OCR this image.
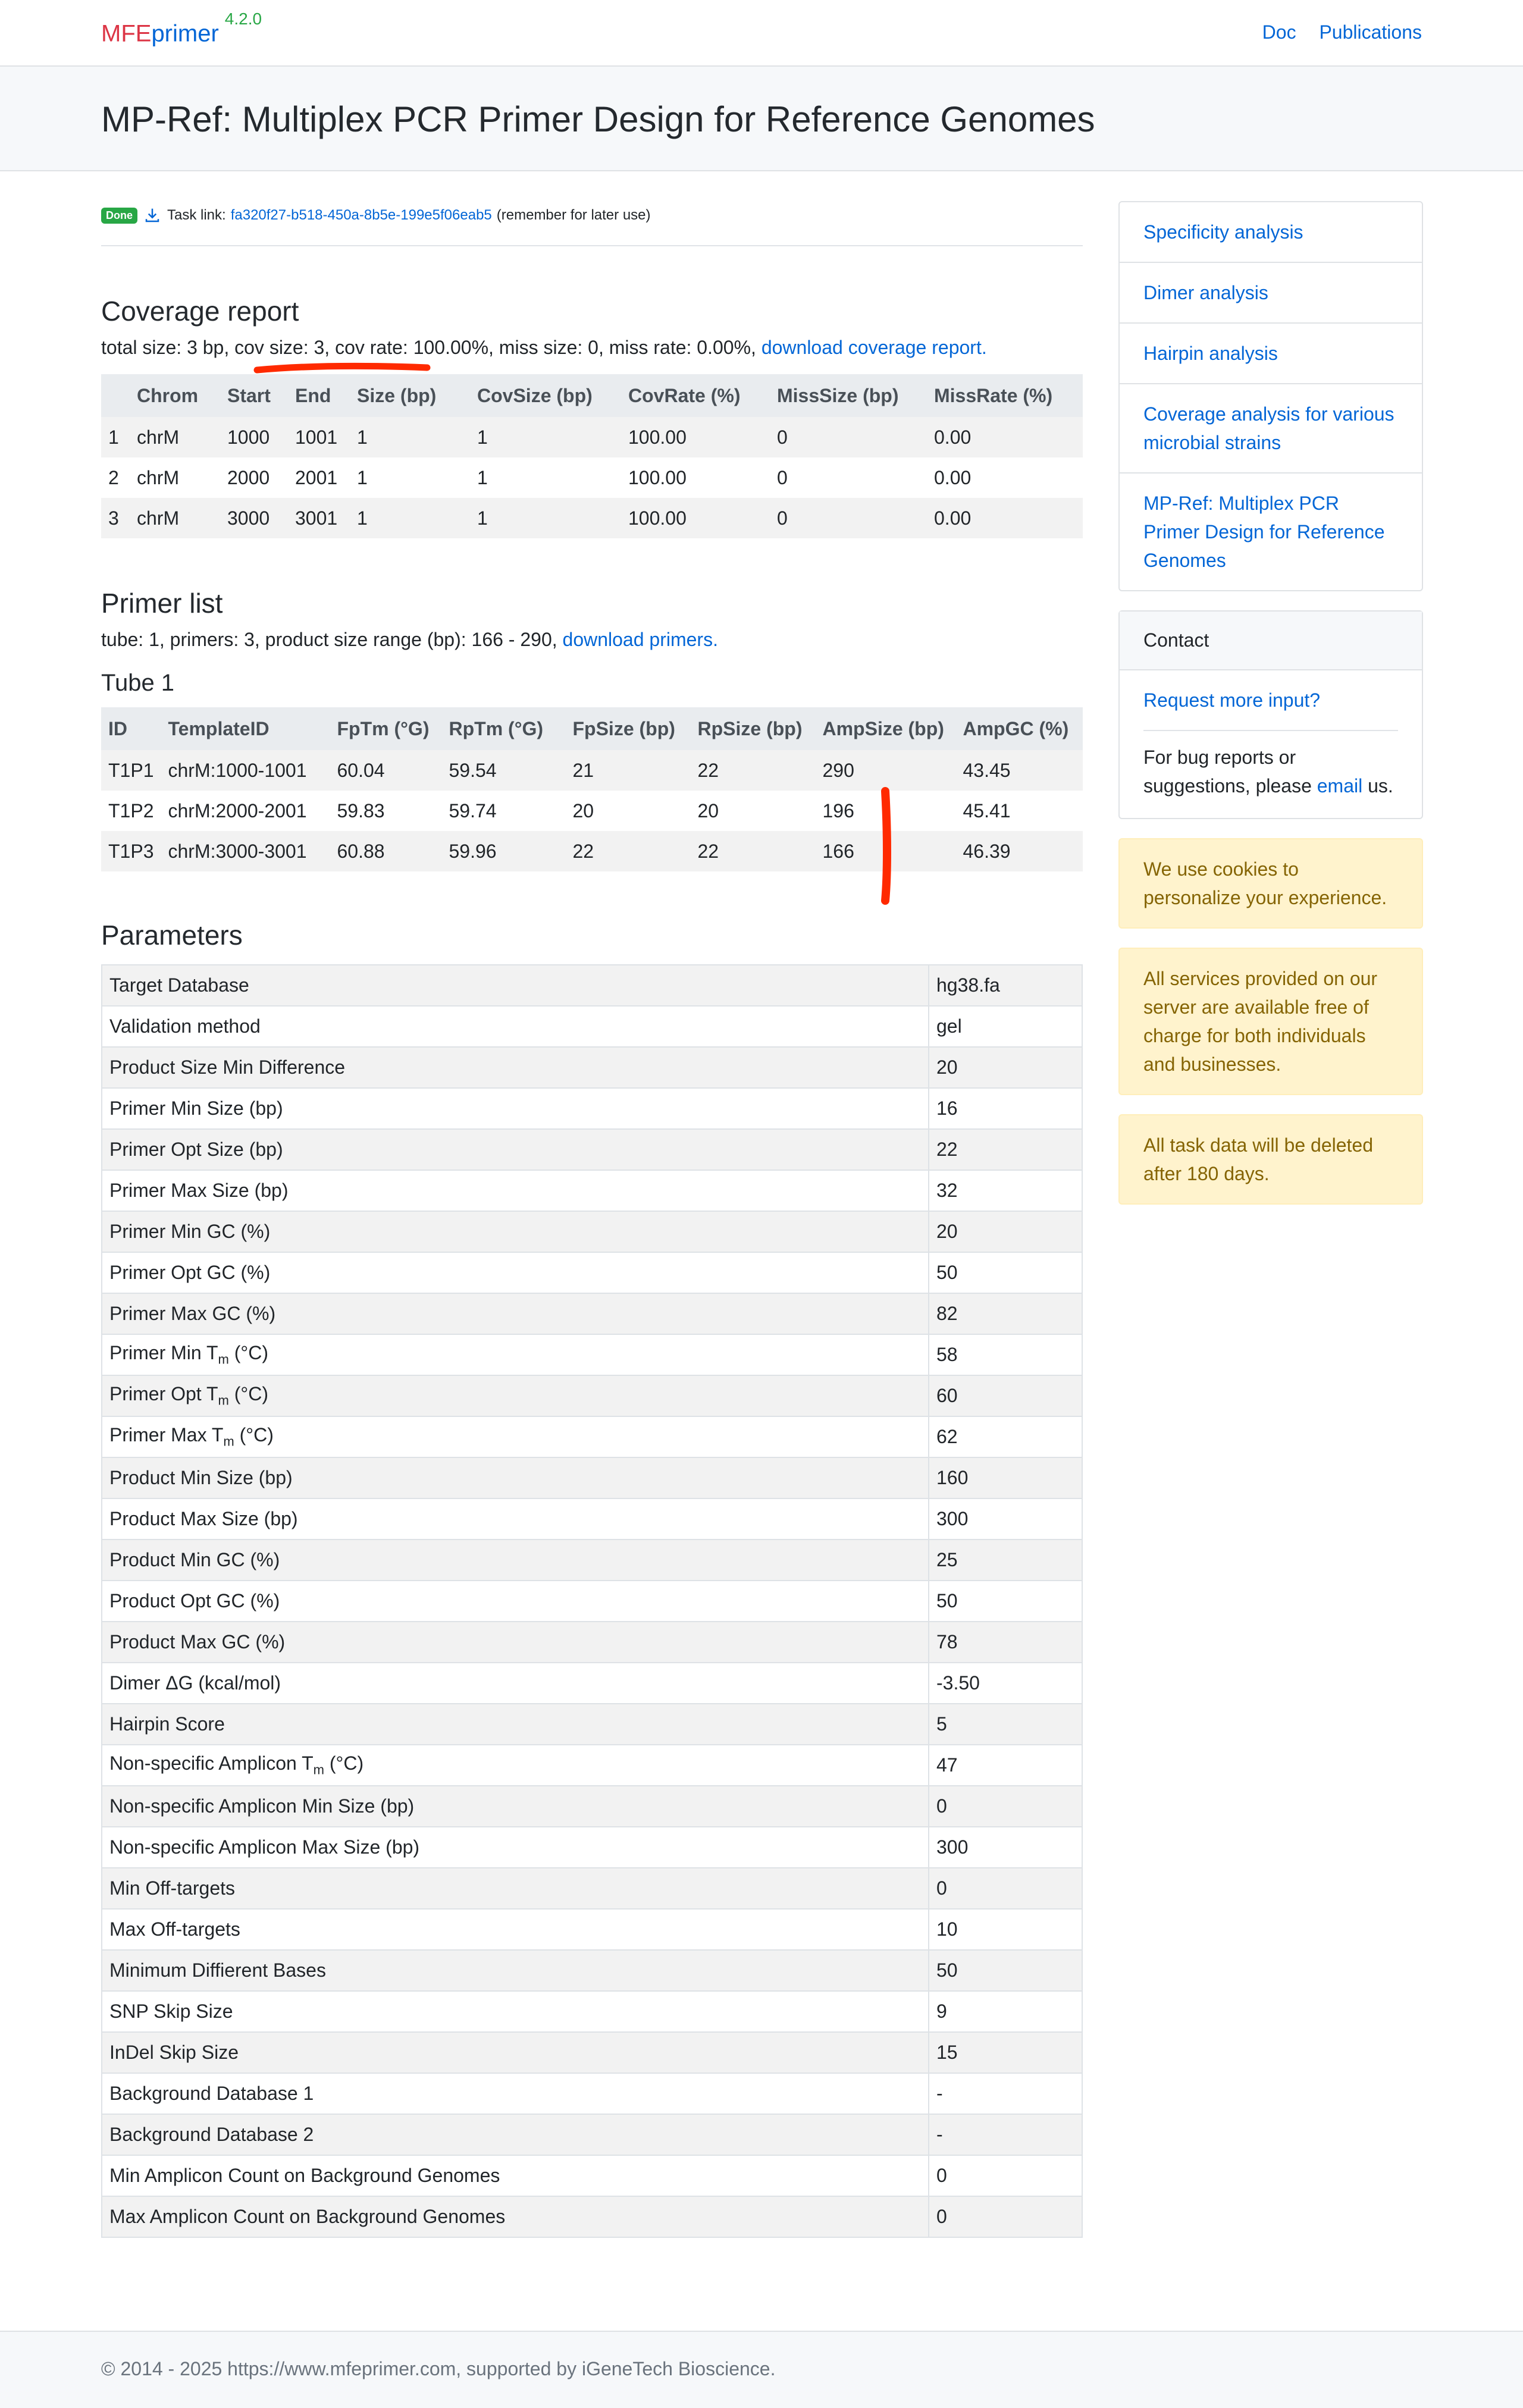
MFEprimer$^{4.2.0}$
Doc Publications
MP-Ref: Multiplex PCR Primer Design for Reference Genomes
Done	Task link: fa320f27-b518-450a-8b5e-199e5f06eab5 (remember for later use)
Coverage report
total size: 3 bp, cov size: 3, cov rate: 100.00%, miss size: 0, miss rate: 0.00%, download coverage report.
	Chrom	Start	End	Size (bp)	CovSize (bp)	CovRate (%)	MissSize (bp)	MissRate (%)
1	chrM	1000	1001	1	1	100.00	0	0.00
2	chrM	2000	2001	1	1	100.00	0	0.00
3	chrM	3000	3001	1	1	100.00	0	0.00
Primer list
tube: 1, primers: 3, product size range (bp): 166 - 290, download primers.
Tube 1
ID	TemplateID	FpTm (°G)	RpTm (°G)	FpSize (bp)	RpSize (bp)	AmpSize (bp)	AmpGC (%)
T1P1	chrM:1000-1001	60.04	59.54	21	22	290	43.45
T1P2	chrM:2000-2001	59.83	59.74	20	20	196	45.41
T1P3	chrM:3000-3001	60.88	59.96	22	22	166	46.39
Parameters
Target Database	hg38.fa
Validation method	gel
Product Size Min Difference	20
Primer Min Size (bp)	16
Primer Opt Size (bp)	22
Primer Max Size (bp)	32
Primer Min GC (%)	20
Primer Opt GC (%)	50
Primer Max GC (%)	82
Primer Min $T_m$ (°C)	58
Primer Opt $T_m$ (°C)	60
Primer Max $T_m$ (°C)	62
Product Min Size (bp)	160
Product Max Size (bp)	300
Product Min GC (%)	25
Product Opt GC (%)	50
Product Max GC (%)	78
Dimer ΔG (kcal/mol)	-3.50
Hairpin Score	5
Non-specific Amplicon $T_m$ (°C)	47
Non-specific Amplicon Min Size (bp)	0
Non-specific Amplicon Max Size (bp)	300
Min Off-targets	0
Max Off-targets	10
Minimum Diffierent Bases	50
SNP Skip Size	9
InDel Skip Size	15
Background Database 1	-
Background Database 2	-
Min Amplicon Count on Background Genomes	0
Max Amplicon Count on Background Genomes	0
Specificity analysis
Dimer analysis
Hairpin analysis
Coverage analysis for various microbial strains
MP-Ref: Multiplex PCR Primer Design for Reference Genomes
Contact
Request more input?
For bug reports or suggestions, please email us.
We use cookies to personalize your experience.
All services provided on our server are available free of charge for both individuals and businesses.
All task data will be deleted after 180 days.
© 2014 - 2025 https://www.mfeprimer.com, supported by iGeneTech Bioscience.
